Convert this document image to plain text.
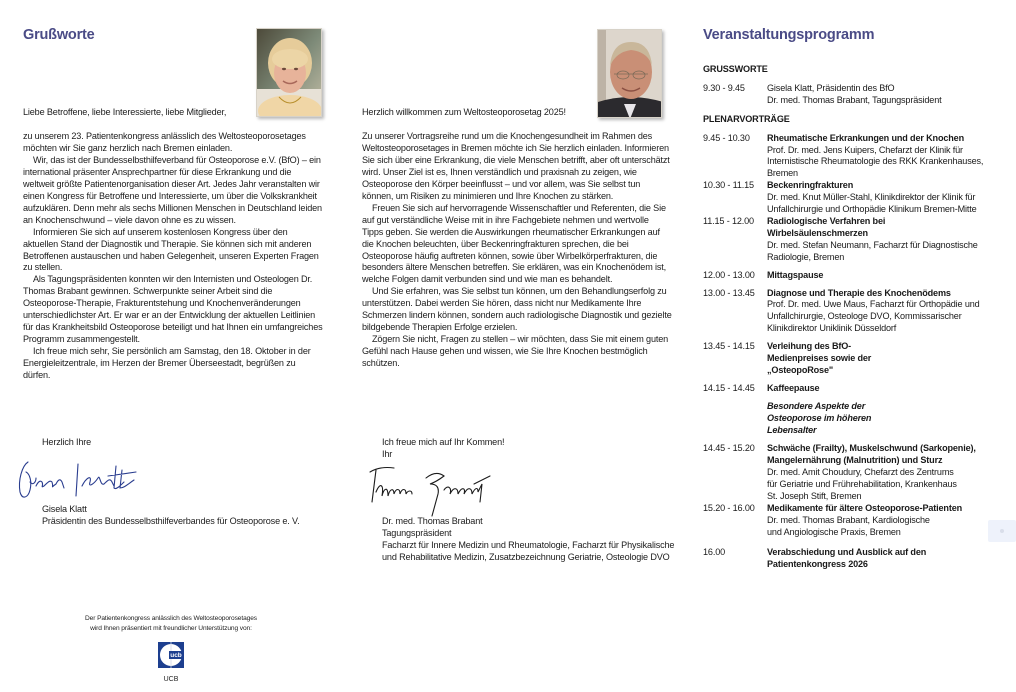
Grußworte

Liebe Betroffene, liebe Interessierte, liebe Mitglieder,

zu unserem 23. Patientenkongress anlässlich des Weltosteoporosetages möchten wir Sie ganz herzlich nach Bremen einladen.

Wir, das ist der Bundesselbsthilfeverband für Osteoporose e.V. (BfO) – ein international präsenter Ansprechpartner für diese Erkrankung und die weltweit größte Patientenorganisation dieser Art. Jedes Jahr veranstalten wir einen Kongress für Betroffene und Interessierte, um über die Volkskrankheit aufzuklären. Denn mehr als sechs Millionen Menschen in Deutschland leiden an Knochenschwund – viele davon ohne es zu wissen.

Informieren Sie sich auf unserem kostenlosen Kongress über den aktuellen Stand der Diagnostik und Therapie. Sie können sich mit anderen Betroffenen austauschen und haben Gelegenheit, unseren Experten Fragen zu stellen.

Als Tagungspräsidenten konnten wir den Internisten und Osteologen Dr. Thomas Brabant gewinnen. Schwerpunkte seiner Arbeit sind die Osteoporose-Therapie, Frakturentstehung und Knochenveränderungen unterschiedlichster Art. Er war er an der Entwicklung der aktuellen Leitlinien für das Krankheitsbild Osteoporose beteiligt und hat Ihnen ein umfangreiches Programm zusammengestellt.

Ich freue mich sehr, Sie persönlich am Samstag, den 18. Oktober in der Energieleitzentrale, im Herzen der Bremer Überseestadt, begrüßen zu dürfen.

Herzlich Ihre

Gisela Klatt

Präsidentin des Bundesselbsthilfeverbandes für Osteoporose e. V.

Der Patientenkongress anlässlich des Weltosteoporosetages
wird Ihnen präsentiert mit freundlicher Unterstützung von:
ucb
UCB

Herzlich willkommen zum Weltosteoporosetag 2025!

Zu unserer Vortragsreihe rund um die Knochengesundheit im Rahmen des Weltosteoporosetages in Bremen möchte ich Sie herzlich einladen. Informieren Sie sich über eine Erkrankung, die viele Menschen betrifft, aber oft unterschätzt wird. Unser Ziel ist es, Ihnen verständlich und praxisnah zu zeigen, wie Osteoporose den Körper beeinflusst – und vor allem, was Sie selbst tun können, um Risiken zu minimieren und Ihre Knochen zu stärken.

Freuen Sie sich auf hervorragende Wissenschaftler und Referenten, die Sie auf gut verständliche Weise mit in ihre Fachgebiete nehmen und wertvolle Tipps geben. Sie werden die Auswirkungen rheumatischer Erkrankungen auf die Knochen beleuchten, über Beckenringfrakturen sprechen, die bei Osteoporose häufig auftreten können, sowie über Wirbelkörperfrakturen, die besonders ältere Menschen betreffen. Sie erklären, was ein Knochenödem ist, welche Folgen damit verbunden sind und wie man es behandelt.

Und Sie erfahren, was Sie selbst tun können, um den Behandlungserfolg zu unterstützen. Dabei werden Sie hören, dass nicht nur Medikamente Ihre Schmerzen lindern können, sondern auch radiologische Diagnostik und gezielte bildgebende Therapien Erfolge erzielen.

Zögern Sie nicht, Fragen zu stellen – wir möchten, dass Sie mit einem guten Gefühl nach Hause gehen und wissen, wie Sie Ihre Knochen bestmöglich schützen.

Ich freue mich auf Ihr Kommen!

Ihr

Dr. med. Thomas Brabant

Tagungspräsident

Facharzt für Innere Medizin und Rheumatologie, Facharzt für Physikalische und Rehabilitative Medizin, Zusatzbezeichnung Geriatrie, Osteologie DVO

Veranstaltungsprogramm
GRUSSWORTE
9.30 - 9.45	Gisela Klatt, Präsidentin des BfO
Dr. med. Thomas Brabant, Tagungspräsident
PLENARVORTRÄGE
9.45 - 10.30	Rheumatische Erkrankungen und der Knochen
Prof. Dr. med. Jens Kuipers, Chefarzt der Klinik für Internistische Rheumatologie des RKK Krankenhauses, Bremen
10.30 - 11.15	Beckenringfrakturen
Dr. med. Knut Müller-Stahl, Klinikdirektor der Klinik für Unfallchirurgie und Orthopädie Klinikum Bremen-Mitte
11.15 - 12.00	Radiologische Verfahren bei Wirbelsäulenschmerzen
Dr. med. Stefan Neumann, Facharzt für Diagnostische Radiologie, Bremen
12.00 - 13.00	Mittagspause
13.00 - 13.45	Diagnose und Therapie des Knochenödems
Prof. Dr. med. Uwe Maus, Facharzt für Orthopädie und Unfallchirurgie, Osteologe DVO, Kommissarischer Klinikdirektor Uniklinik Düsseldorf
13.45 - 14.15	Verleihung des BfO-Medienpreises sowie der „OsteopoRose"
14.15 - 14.45	Kaffeepause
Besondere Aspekte der Osteoporose im höheren Lebensalter
14.45 - 15.20	Schwäche (Frailty), Muskelschwund (Sarkopenie), Mangelernährung (Malnutrition) und Sturz
Dr. med. Amit Choudury, Chefarzt des Zentrums für Geriatrie und Frührehabilitation, Krankenhaus St. Joseph Stift, Bremen
15.20 - 16.00	Medikamente für ältere Osteoporose-Patienten
Dr. med. Thomas Brabant, Kardiologische und Angiologische Praxis, Bremen
16.00	Verabschiedung und Ausblick auf den Patientenkongress 2026
